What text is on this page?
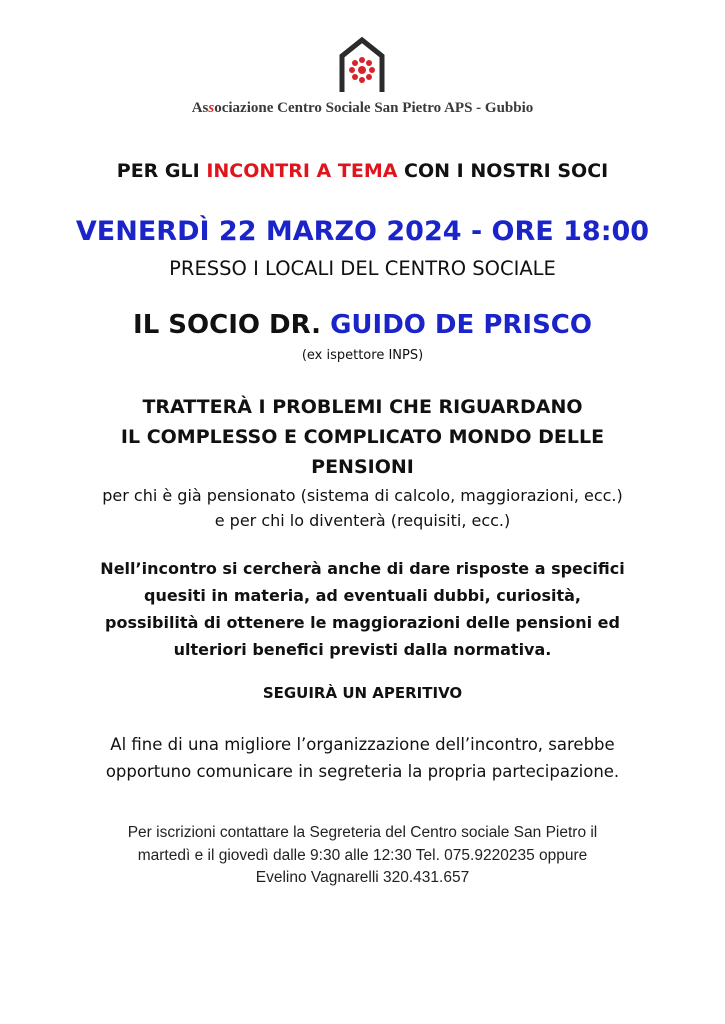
Associazione Centro Sociale San Pietro APS - Gubbio
PER GLI INCONTRI A TEMA CON I NOSTRI SOCI
VENERDÌ 22 MARZO 2024 - ORE 18:00
PRESSO I LOCALI DEL CENTRO SOCIALE
IL SOCIO DR. GUIDO DE PRISCO
(ex ispettore INPS)
TRATTERÀ I PROBLEMI CHE RIGUARDANO
IL COMPLESSO E COMPLICATO MONDO DELLE
PENSIONI
per chi è già pensionato (sistema di calcolo, maggiorazioni, ecc.)
e per chi lo diventerà (requisiti, ecc.)
Nell’incontro si cercherà anche di dare risposte a specifici
quesiti in materia, ad eventuali dubbi, curiosità,
possibilità di ottenere le maggiorazioni delle pensioni ed
ulteriori benefici previsti dalla normativa.
SEGUIRÀ UN APERITIVO
Al fine di una migliore l’organizzazione dell’incontro, sarebbe
opportuno comunicare in segreteria la propria partecipazione.
Per iscrizioni contattare la Segreteria del Centro sociale San Pietro il
martedì e il giovedì dalle 9:30 alle 12:30 Tel. 075.9220235 oppure
Evelino Vagnarelli 320.431.657
